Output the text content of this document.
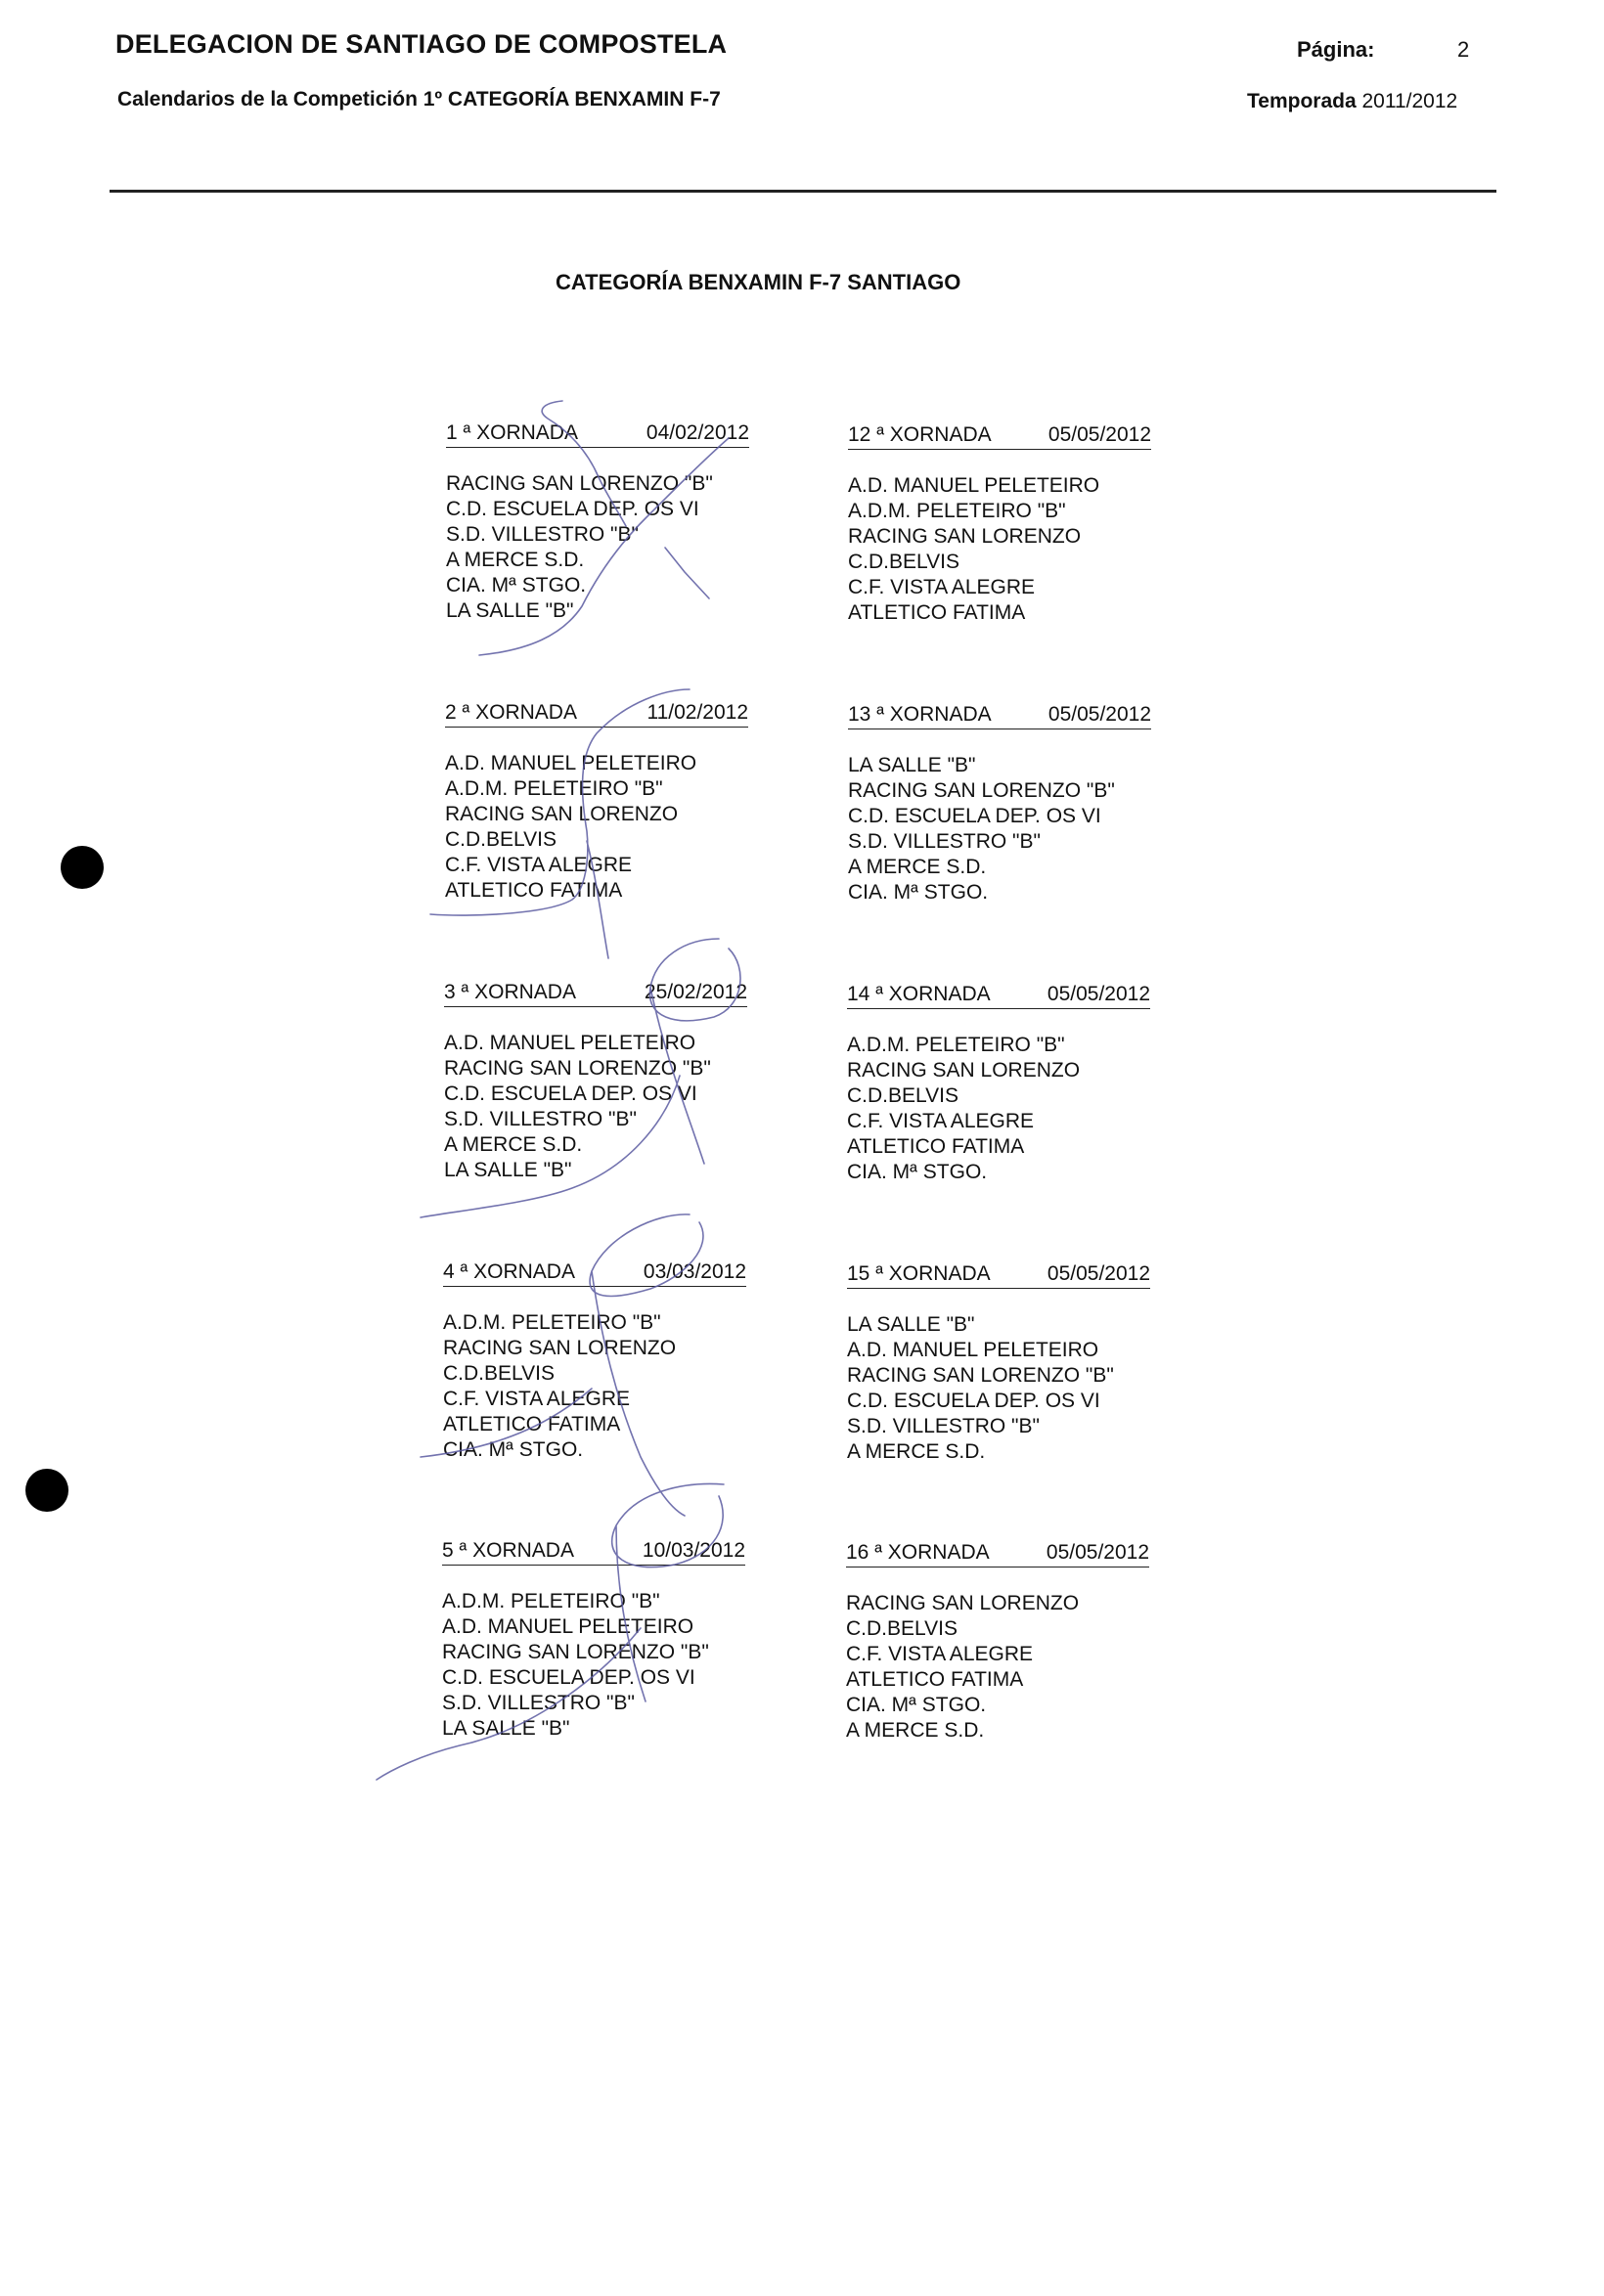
DELEGACION DE SANTIAGO DE COMPOSTELA	Página:	2
Calendarios de la Competición 1º CATEGORÍA BENXAMIN F-7	Temporada 2011/2012
CATEGORÍA BENXAMIN F-7 SANTIAGO
1 ª XORNADA	04/02/2012
RACING SAN LORENZO "B"
C.D. ESCUELA DEP. OS VI
S.D. VILLESTRO "B"
A MERCE S.D.
CIA. Mª STGO.
LA SALLE "B"
2 ª XORNADA	11/02/2012
A.D. MANUEL PELETEIRO
A.D.M. PELETEIRO "B"
RACING SAN LORENZO
C.D.BELVIS
C.F. VISTA ALEGRE
ATLETICO FATIMA
3 ª XORNADA	25/02/2012
A.D. MANUEL PELETEIRO
RACING SAN LORENZO "B"
C.D. ESCUELA DEP. OS VI
S.D. VILLESTRO "B"
A MERCE S.D.
LA SALLE "B"
4 ª XORNADA	03/03/2012
A.D.M. PELETEIRO "B"
RACING SAN LORENZO
C.D.BELVIS
C.F. VISTA ALEGRE
ATLETICO FATIMA
CIA. Mª STGO.
5 ª XORNADA	10/03/2012
A.D.M. PELETEIRO "B"
A.D. MANUEL PELETEIRO
RACING SAN LORENZO "B"
C.D. ESCUELA DEP. OS VI
S.D. VILLESTRO "B"
LA SALLE "B"
12 ª XORNADA	05/05/2012
A.D. MANUEL PELETEIRO
A.D.M. PELETEIRO "B"
RACING SAN LORENZO
C.D.BELVIS
C.F. VISTA ALEGRE
ATLETICO FATIMA
13 ª XORNADA	05/05/2012
LA SALLE "B"
RACING SAN LORENZO "B"
C.D. ESCUELA DEP. OS VI
S.D. VILLESTRO "B"
A MERCE S.D.
CIA. Mª STGO.
14 ª XORNADA	05/05/2012
A.D.M. PELETEIRO "B"
RACING SAN LORENZO
C.D.BELVIS
C.F. VISTA ALEGRE
ATLETICO FATIMA
CIA. Mª STGO.
15 ª XORNADA	05/05/2012
LA SALLE "B"
A.D. MANUEL PELETEIRO
RACING SAN LORENZO "B"
C.D. ESCUELA DEP. OS VI
S.D. VILLESTRO "B"
A MERCE S.D.
16 ª XORNADA	05/05/2012
RACING SAN LORENZO
C.D.BELVIS
C.F. VISTA ALEGRE
ATLETICO FATIMA
CIA. Mª STGO.
A MERCE S.D.
